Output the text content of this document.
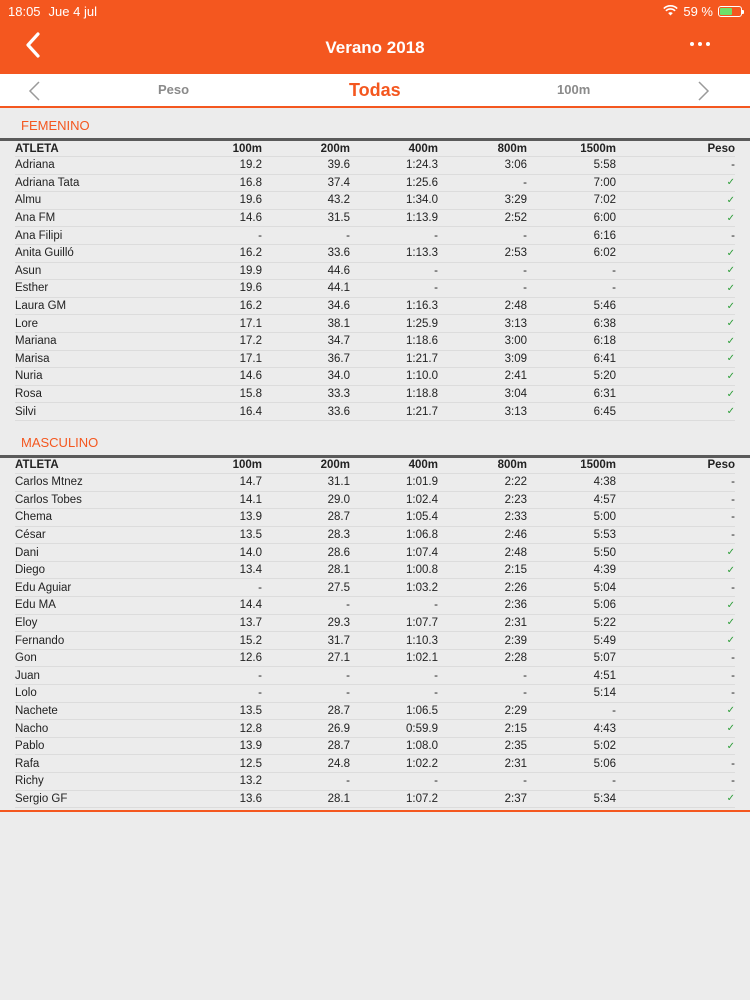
18:05 Jue 4 jul	59 %
Verano 2018
Peso	Todas	100m
FEMENINO
ATLETA	100m	200m	400m	800m	1500m	Peso
Adriana	19.2	39.6	1:24.3	3:06	5:58	-
Adriana Tata	16.8	37.4	1:25.6	-	7:00	✓
Almu	19.6	43.2	1:34.0	3:29	7:02	✓
Ana FM	14.6	31.5	1:13.9	2:52	6:00	✓
Ana Filipi	-	-	-	-	6:16	-
Anita Guilló	16.2	33.6	1:13.3	2:53	6:02	✓
Asun	19.9	44.6	-	-	-	✓
Esther	19.6	44.1	-	-	-	✓
Laura GM	16.2	34.6	1:16.3	2:48	5:46	✓
Lore	17.1	38.1	1:25.9	3:13	6:38	✓
Mariana	17.2	34.7	1:18.6	3:00	6:18	✓
Marisa	17.1	36.7	1:21.7	3:09	6:41	✓
Nuria	14.6	34.0	1:10.0	2:41	5:20	✓
Rosa	15.8	33.3	1:18.8	3:04	6:31	✓
Silvi	16.4	33.6	1:21.7	3:13	6:45	✓
MASCULINO
ATLETA	100m	200m	400m	800m	1500m	Peso
Carlos Mtnez	14.7	31.1	1:01.9	2:22	4:38	-
Carlos Tobes	14.1	29.0	1:02.4	2:23	4:57	-
Chema	13.9	28.7	1:05.4	2:33	5:00	-
César	13.5	28.3	1:06.8	2:46	5:53	-
Dani	14.0	28.6	1:07.4	2:48	5:50	✓
Diego	13.4	28.1	1:00.8	2:15	4:39	✓
Edu Aguiar	-	27.5	1:03.2	2:26	5:04	-
Edu MA	14.4	-	-	2:36	5:06	✓
Eloy	13.7	29.3	1:07.7	2:31	5:22	✓
Fernando	15.2	31.7	1:10.3	2:39	5:49	✓
Gon	12.6	27.1	1:02.1	2:28	5:07	-
Juan	-	-	-	-	4:51	-
Lolo	-	-	-	-	5:14	-
Nachete	13.5	28.7	1:06.5	2:29	-	✓
Nacho	12.8	26.9	0:59.9	2:15	4:43	✓
Pablo	13.9	28.7	1:08.0	2:35	5:02	✓
Rafa	12.5	24.8	1:02.2	2:31	5:06	-
Richy	13.2	-	-	-	-	-
Sergio GF	13.6	28.1	1:07.2	2:37	5:34	✓
